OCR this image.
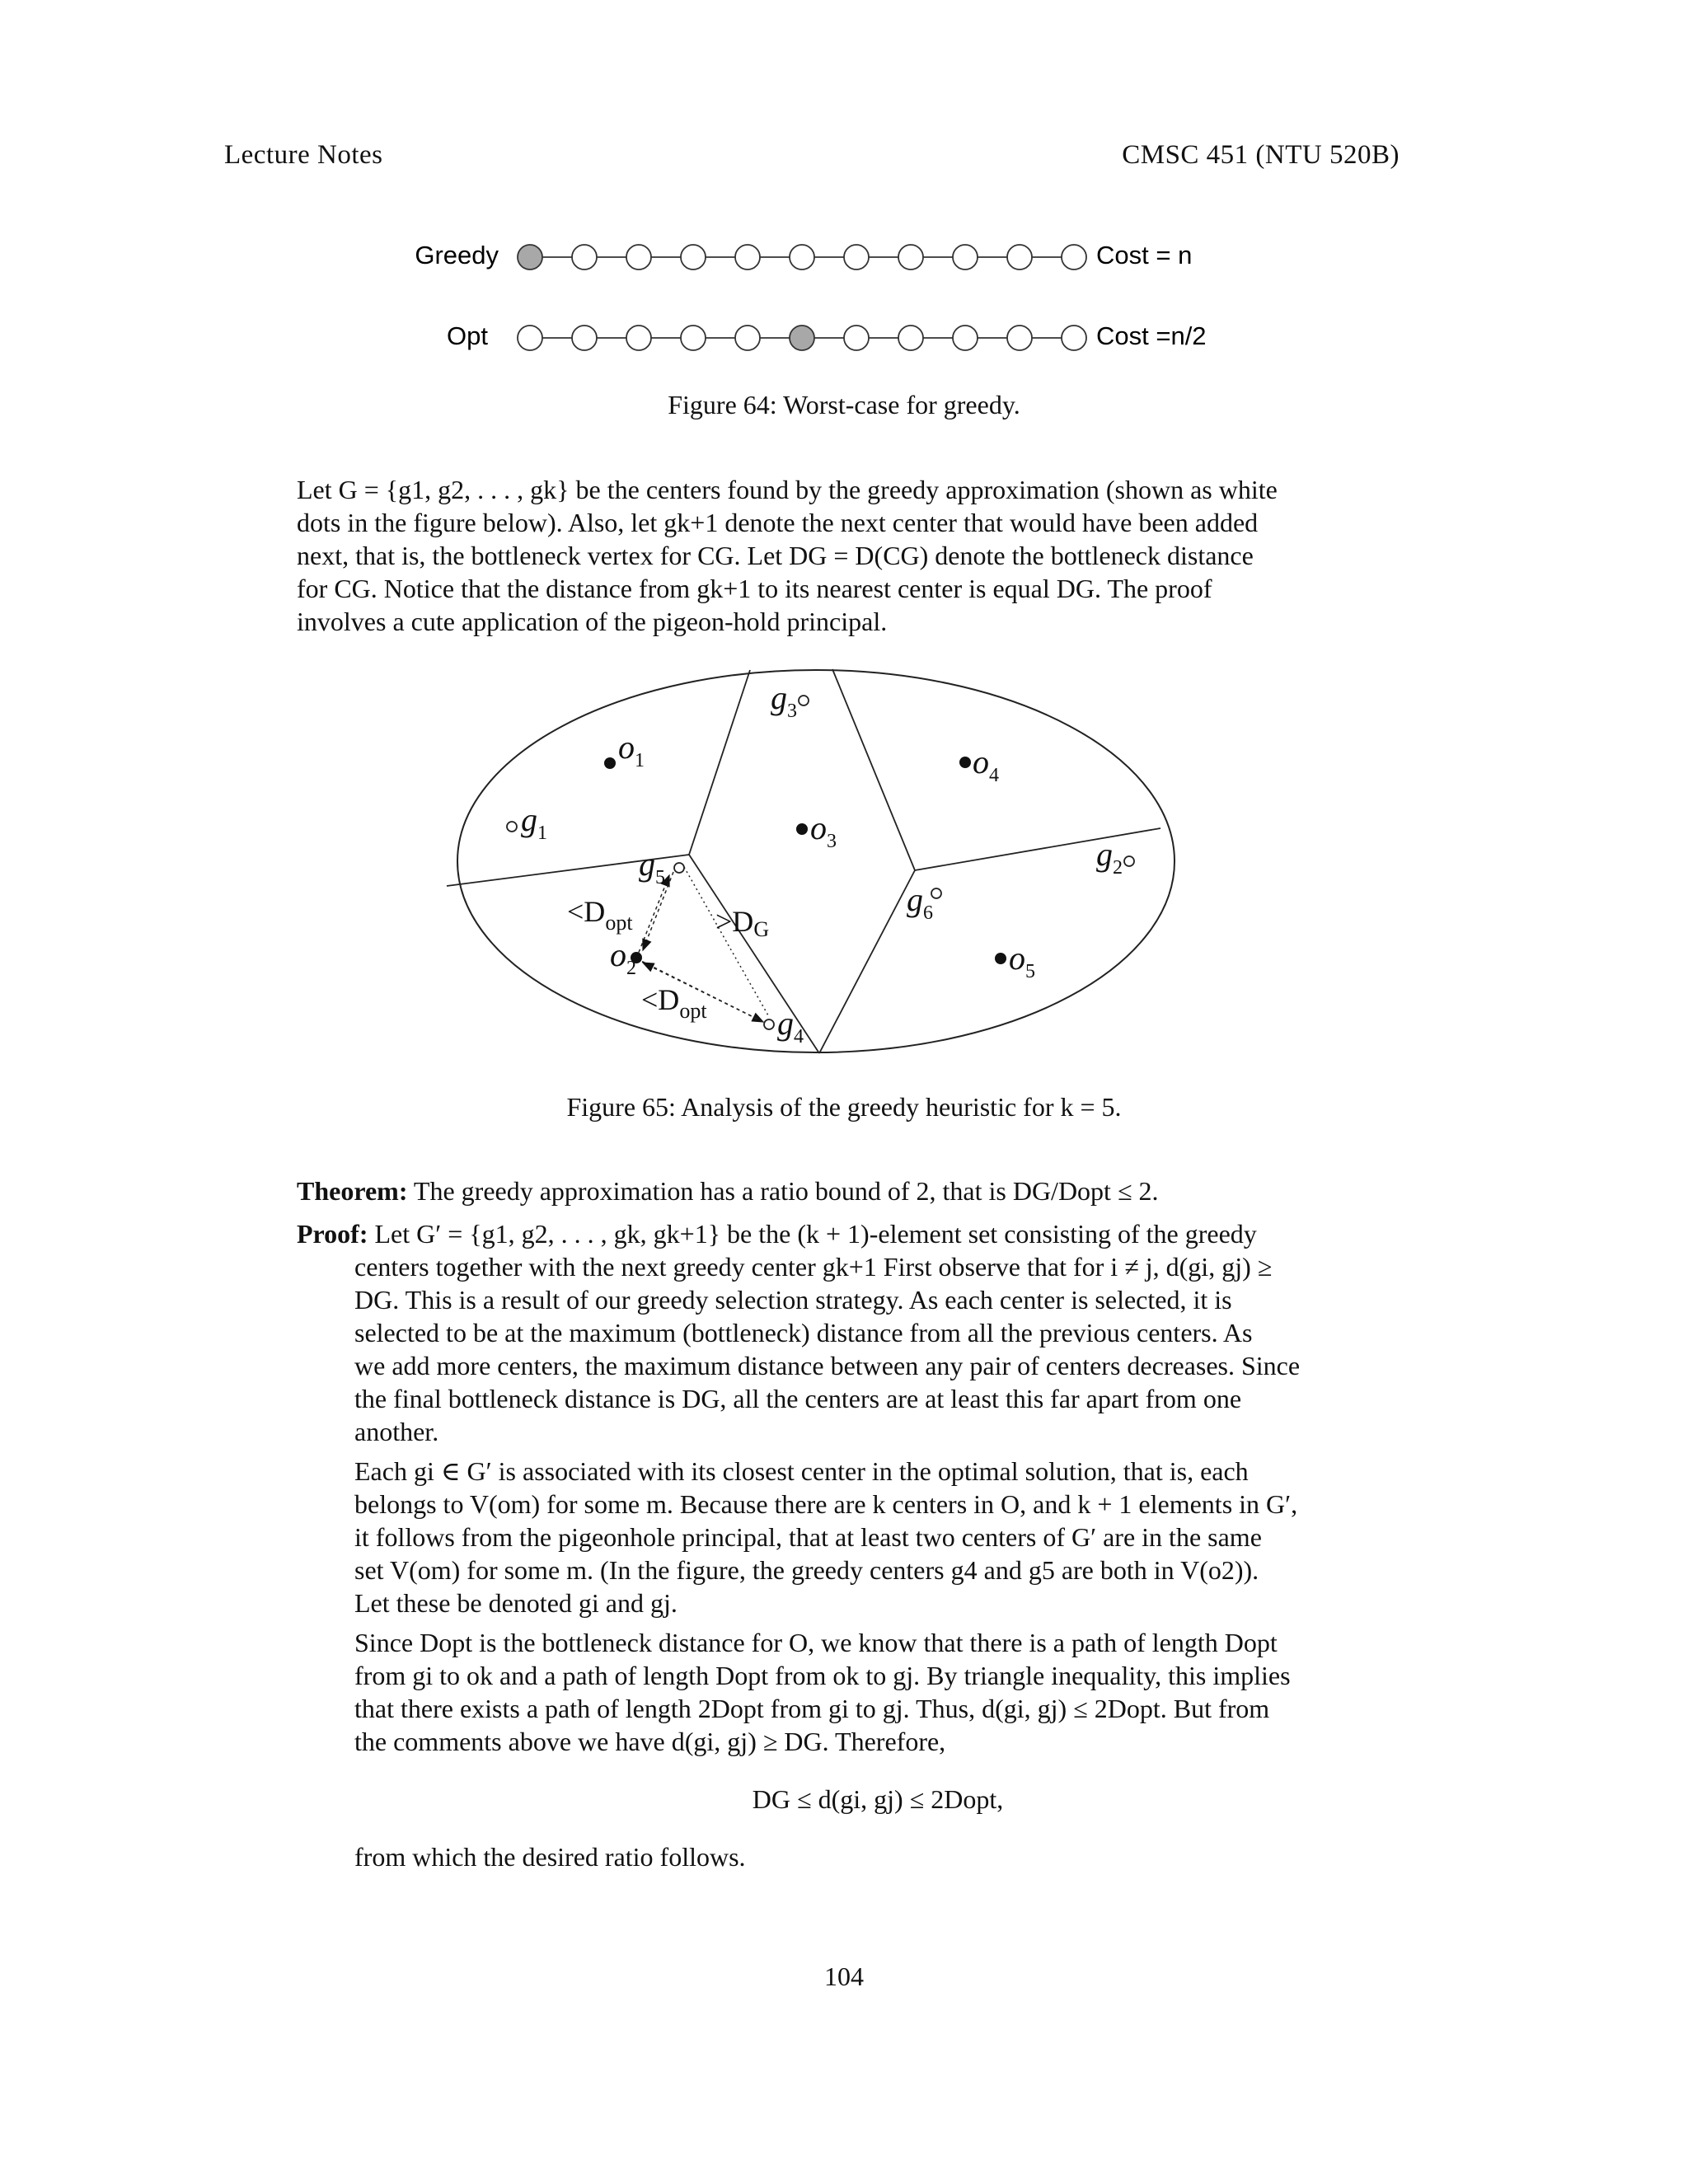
Lecture Notes	CMSC 451 (NTU 520B)
Greedy	Cost = n
Opt	Cost =n/2
Figure 64: Worst-case for greedy.
Let G = {g1, g2, . . . , gk} be the centers found by the greedy approximation (shown as white
dots in the figure below). Also, let gk+1 denote the next center that would have been added
next, that is, the bottleneck vertex for CG. Let DG = D(CG) denote the bottleneck distance
for CG. Notice that the distance from gk+1 to its nearest center is equal DG. The proof
involves a cute application of the pigeon-hold principal.
$g_3$
$g_1$
$g_2$
$g_5$
$g_6$
$g_4$
$o_1$	$o_4$
$o_3$
$o_2$	$o_5$
$<D_{opt}$
$<D_{opt}$
>DG
Figure 65: Analysis of the greedy heuristic for k = 5.
Theorem: The greedy approximation has a ratio bound of 2, that is DG/Dopt ≤ 2.
Proof: Let G′ = {g1, g2, . . . , gk, gk+1} be the (k + 1)-element set consisting of the greedy
centers together with the next greedy center gk+1 First observe that for i ≠ j, d(gi, gj) ≥
DG. This is a result of our greedy selection strategy. As each center is selected, it is
selected to be at the maximum (bottleneck) distance from all the previous centers. As
we add more centers, the maximum distance between any pair of centers decreases. Since
the final bottleneck distance is DG, all the centers are at least this far apart from one
another.
Each gi ∈ G′ is associated with its closest center in the optimal solution, that is, each
belongs to V(om) for some m. Because there are k centers in O, and k + 1 elements in G′,
it follows from the pigeonhole principal, that at least two centers of G′ are in the same
set V(om) for some m. (In the figure, the greedy centers g4 and g5 are both in V(o2)).
Let these be denoted gi and gj.
Since Dopt is the bottleneck distance for O, we know that there is a path of length Dopt
from gi to ok and a path of length Dopt from ok to gj. By triangle inequality, this implies
that there exists a path of length 2Dopt from gi to gj. Thus, d(gi, gj) ≤ 2Dopt. But from
the comments above we have d(gi, gj) ≥ DG. Therefore,
DG ≤ d(gi, gj) ≤ 2Dopt,
from which the desired ratio follows.
104
